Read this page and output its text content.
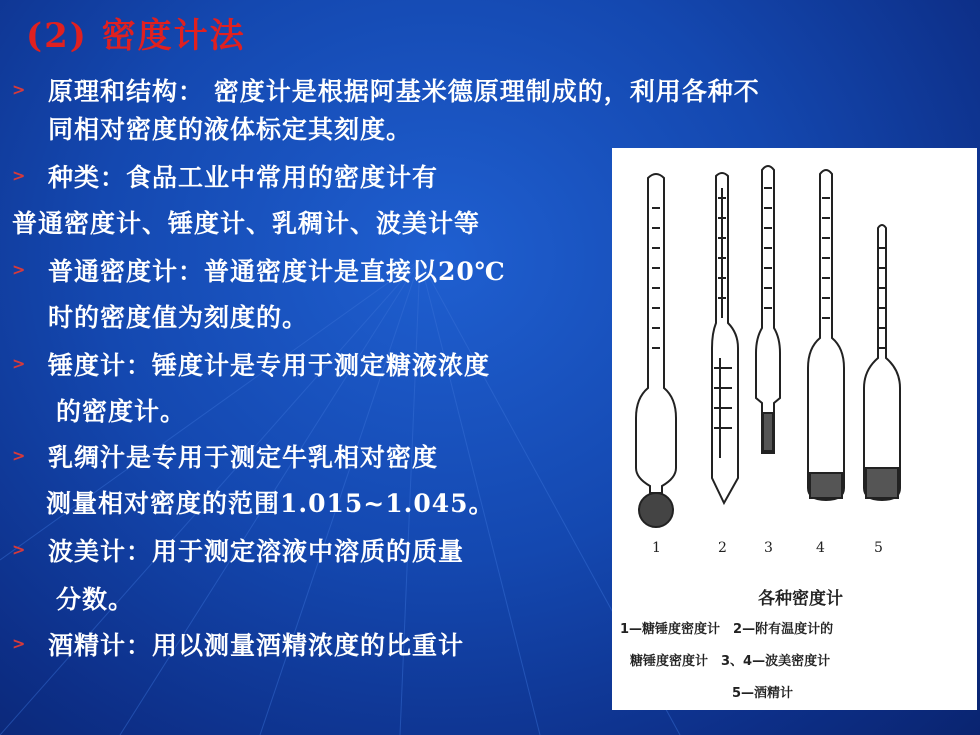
(2) 密度计法
> 原理和结构： 密度计是根据阿基米德原理制成的，利用各种不
同相对密度的液体标定其刻度。
> 种类：食品工业中常用的密度计有
普通密度计、锤度计、乳稠计、波美计等
> 普通密度计：普通密度计是直接以20℃
时的密度值为刻度的。
> 锤度计：锤度计是专用于测定糖液浓度
的密度计。
> 乳绸汁是专用于测定牛乳相对密度
测量相对密度的范围1.015~1.045。
> 波美计：用于测定溶液中溶质的质量
分数。
> 酒精计：用以测量酒精浓度的比重计
1	2	3	4	5
各种密度计
1—糖锤度密度计　2—附有温度计的
糖锤度密度计　3、4—波美密度计
5—酒精计
